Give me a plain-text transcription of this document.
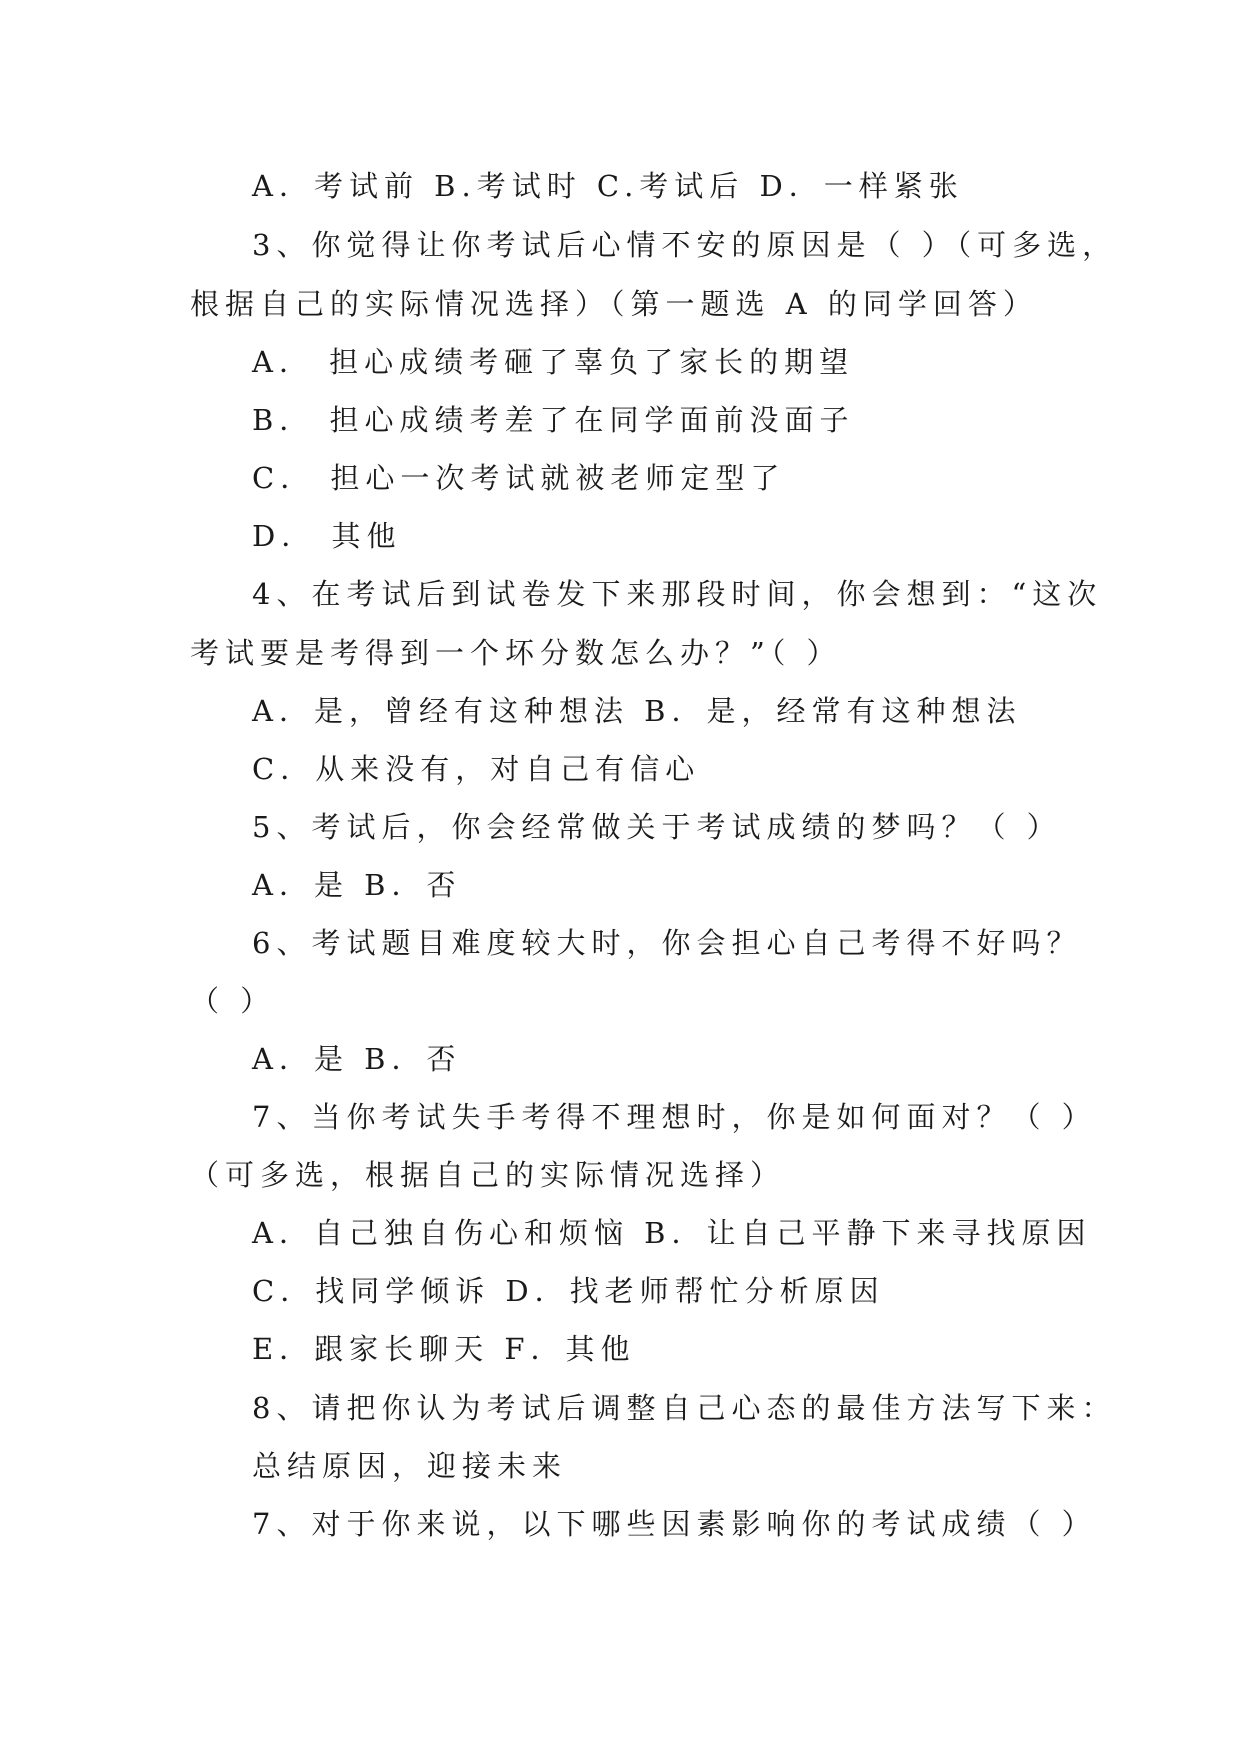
A．考试前 B.考试时 C.考试后 D．一样紧张
3、你觉得让你考试后心情不安的原因是（ ）（可多选，
根据自己的实际情况选择）（第一题选 A 的同学回答）
A． 担心成绩考砸了辜负了家长的期望
B． 担心成绩考差了在同学面前没面子
C． 担心一次考试就被老师定型了
D． 其他
4、在考试后到试卷发下来那段时间，你会想到：“这次
考试要是考得到一个坏分数怎么办？”（ ）
A．是，曾经有这种想法 B．是，经常有这种想法
C．从来没有，对自己有信心
5、考试后，你会经常做关于考试成绩的梦吗？（ ）
A．是 B．否
6、考试题目难度较大时，你会担心自己考得不好吗？
（ ）
A．是 B．否
7、当你考试失手考得不理想时，你是如何面对？（ ）
（可多选，根据自己的实际情况选择）
A．自己独自伤心和烦恼 B．让自己平静下来寻找原因
C．找同学倾诉 D．找老师帮忙分析原因
E．跟家长聊天 F．其他
8、请把你认为考试后调整自己心态的最佳方法写下来：
总结原因，迎接未来
7、对于你来说，以下哪些因素影响你的考试成绩（ ）
